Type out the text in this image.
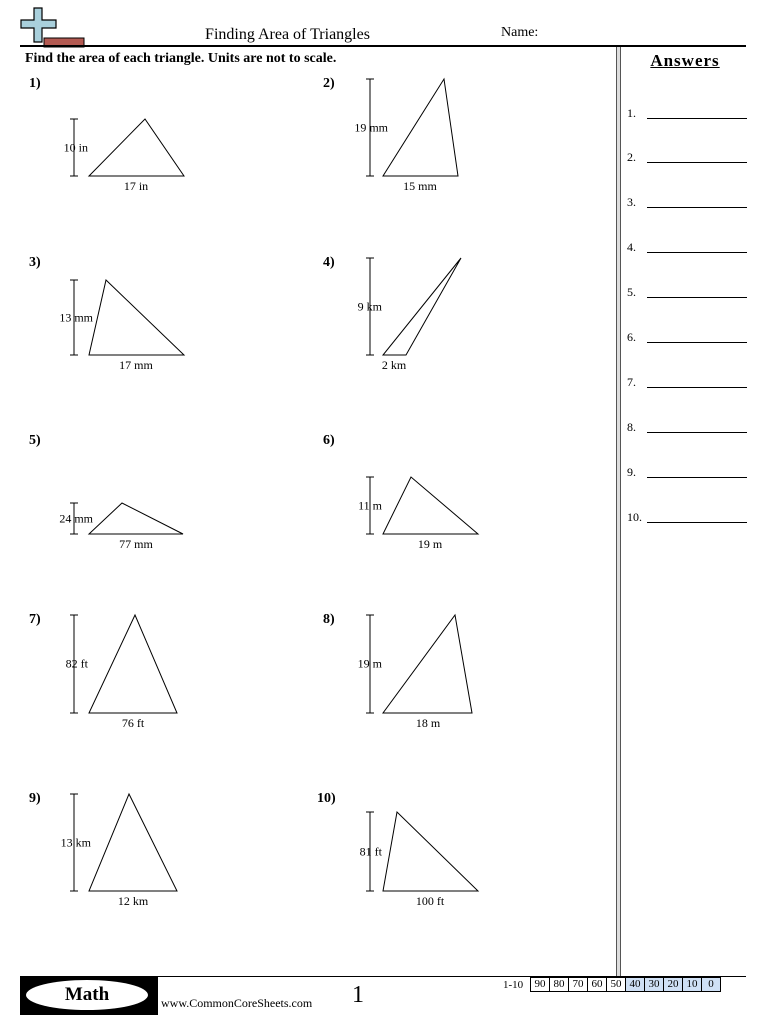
Finding Area of Triangles	Name:
Find the area of each triangle. Units are not to scale.	Answers
1.
2.
3.
4.
5.
6.
7.
8.
9.
10.
1)	2)
3)	4)
5)	6)
7)	8)
9)	10)
10 in
19 mm
13 mm
9 km
24 mm
11 m
82 ft	19 m
13 km
81 ft
17 in	15 mm
17 mm	2 km
77 mm	19 m
76 ft	18 m
12 km	100 ft
Math	www.CommonCoreSheets.com 1	1-10	90 80 70 60 50 40 30 20 10 0
